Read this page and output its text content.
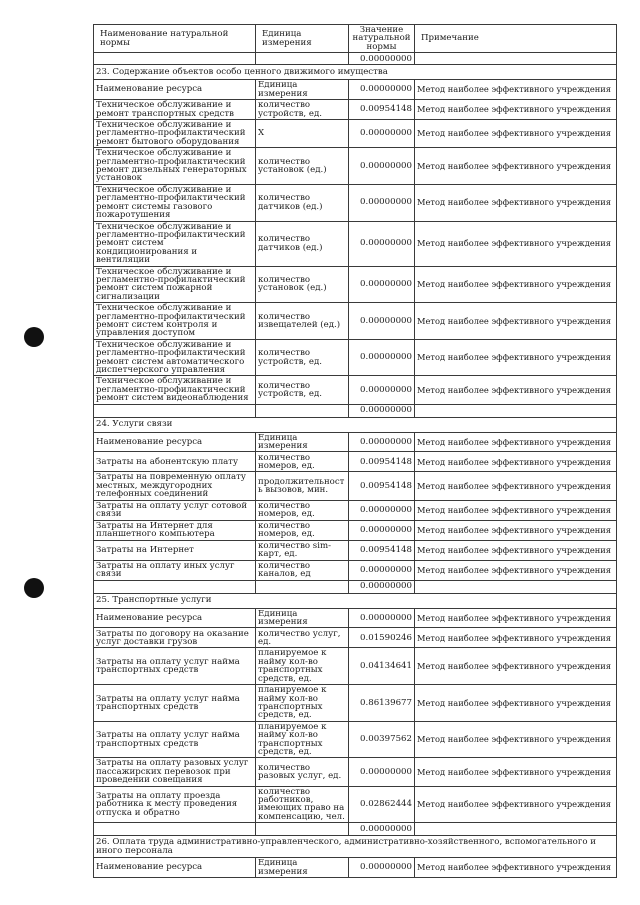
Наименование натуральной нормы	Единица измерения	Значение натуральной нормы	Примечание
		0.00000000	
23. Содержание объектов особо ценного движимого имущества			
Наименование ресурса	Единица измерения	0.00000000	Метод наиболее эффективного учреждения
Техническое обслуживание и ремонт транспортных средств	количество устройств, ед.	0.00954148	Метод наиболее эффективного учреждения
Техническое обслуживание и регламентно-профилактический ремонт бытового оборудования	X	0.00000000	Метод наиболее эффективного учреждения
Техническое обслуживание и регламентно-профилактический ремонт дизельных генераторных установок	количество установок (ед.)	0.00000000	Метод наиболее эффективного учреждения
Техническое обслуживание и регламентно-профилактический ремонт системы газового пожаротушения	количество датчиков (ед.)	0.00000000	Метод наиболее эффективного учреждения
Техническое обслуживание и регламентно-профилактический ремонт систем кондиционирования и вентиляции	количество датчиков (ед.)	0.00000000	Метод наиболее эффективного учреждения
Техническое обслуживание и регламентно-профилактический ремонт систем пожарной сигнализации	количество установок (ед.)	0.00000000	Метод наиболее эффективного учреждения
Техническое обслуживание и регламентно-профилактический ремонт систем контроля и управления доступом	количество извещателей (ед.)	0.00000000	Метод наиболее эффективного учреждения
Техническое обслуживание и регламентно-профилактический ремонт систем автоматического диспетчерского управления	количество устройств, ед.	0.00000000	Метод наиболее эффективного учреждения
Техническое обслуживание и регламентно-профилактический ремонт систем видеонаблюдения	количество устройств, ед.	0.00000000	Метод наиболее эффективного учреждения
		0.00000000	
24. Услуги связи			
Наименование ресурса	Единица измерения	0.00000000	Метод наиболее эффективного учреждения
Затраты на абонентскую плату	количество номеров, ед.	0.00954148	Метод наиболее эффективного учреждения
Затраты на повременную оплату местных, междугородних телефонных соединений	продолжительность вызовов, мин.	0.00954148	Метод наиболее эффективного учреждения
Затраты на оплату услуг сотовой связи	количество номеров, ед.	0.00000000	Метод наиболее эффективного учреждения
Затраты на Интернет для планшетного компьютера	количество номеров, ед.	0.00000000	Метод наиболее эффективного учреждения
Затраты на Интернет	количество sim-карт, ед.	0.00954148	Метод наиболее эффективного учреждения
Затраты на оплату иных услуг связи	количество каналов, ед	0.00000000	Метод наиболее эффективного учреждения
		0.00000000	
25. Транспортные услуги			
Наименование ресурса	Единица измерения	0.00000000	Метод наиболее эффективного учреждения
Затраты по договору на оказание услуг доставки грузов	количество услуг, ед.	0.01590246	Метод наиболее эффективного учреждения
Затраты на оплату услуг найма транспортных средств	планируемое к найму кол-во транспортных средств, ед.	0.04134641	Метод наиболее эффективного учреждения
Затраты на оплату услуг найма транспортных средств	планируемое к найму кол-во транспортных средств, ед.	0.86139677	Метод наиболее эффективного учреждения
Затраты на оплату услуг найма транспортных средств	планируемое к найму кол-во транспортных средств, ед.	0.00397562	Метод наиболее эффективного учреждения
Затраты на оплату разовых услуг пассажирских перевозок при проведении совещания	количество разовых услуг, ед.	0.00000000	Метод наиболее эффективного учреждения
Затраты на оплату проезда работника к месту проведения отпуска и обратно	количество работников, имеющих право на компенсацию, чел.	0.02862444	Метод наиболее эффективного учреждения
		0.00000000	
26. Оплата труда административно-управленческого, административно-хозяйственного, вспомогательного и иного персонала			
Наименование ресурса	Единица измерения	0.00000000	Метод наиболее эффективного учреждения
